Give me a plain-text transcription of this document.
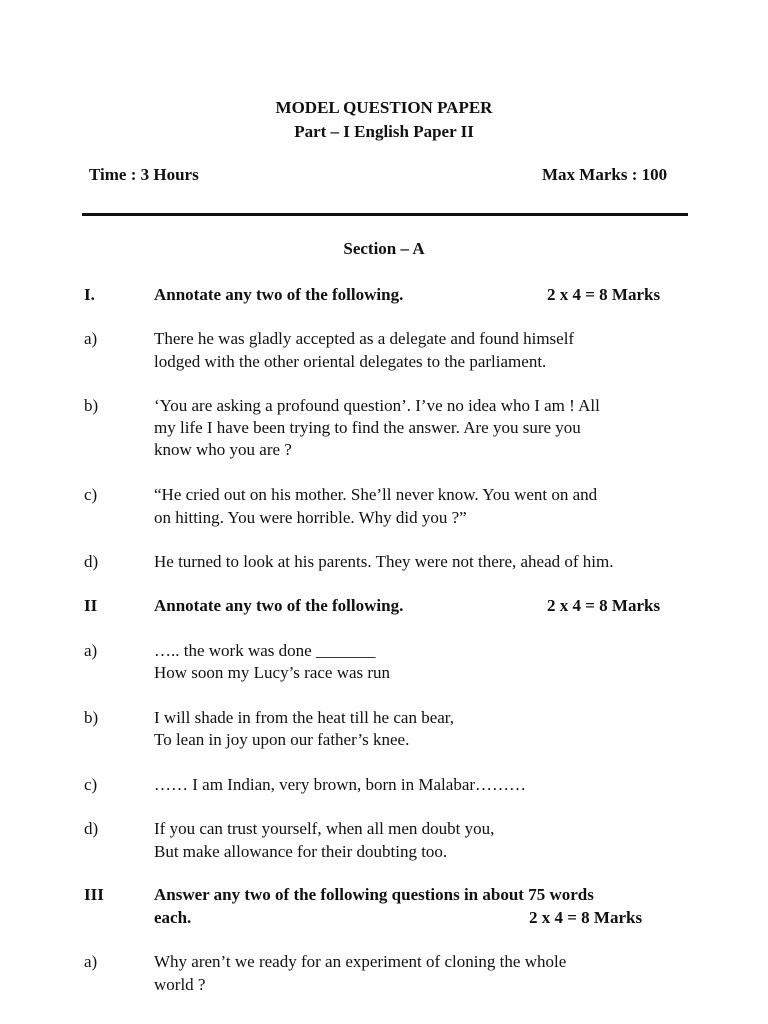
MODEL QUESTION PAPER
Part – I English Paper II
Time : 3 Hours	Max Marks : 100
Section – A
I.	Annotate any two of the following.	2 x 4 = 8 Marks
a)	There he was gladly accepted as a delegate and found himself
lodged with the other oriental delegates to the parliament.
b)	‘You are asking a profound question’. I’ve no idea who I am ! All
my life I have been trying to find the answer. Are you sure you
know who you are ?
c)	“He cried out on his mother. She’ll never know. You went on and
on hitting. You were horrible. Why did you ?”
d)	He turned to look at his parents. They were not there, ahead of him.
II	Annotate any two of the following.	2 x 4 = 8 Marks
a)	….. the work was done _______
How soon my Lucy’s race was run
b)	I will shade in from the heat till he can bear,
To lean in joy upon our father’s knee.
c)	…… I am Indian, very brown, born in Malabar………
d)	If you can trust yourself, when all men doubt you,
But make allowance for their doubting too.
III	Answer any two of the following questions in about 75 words
each.	2 x 4 = 8 Marks
a)	Why aren’t we ready for an experiment of cloning the whole
world ?
